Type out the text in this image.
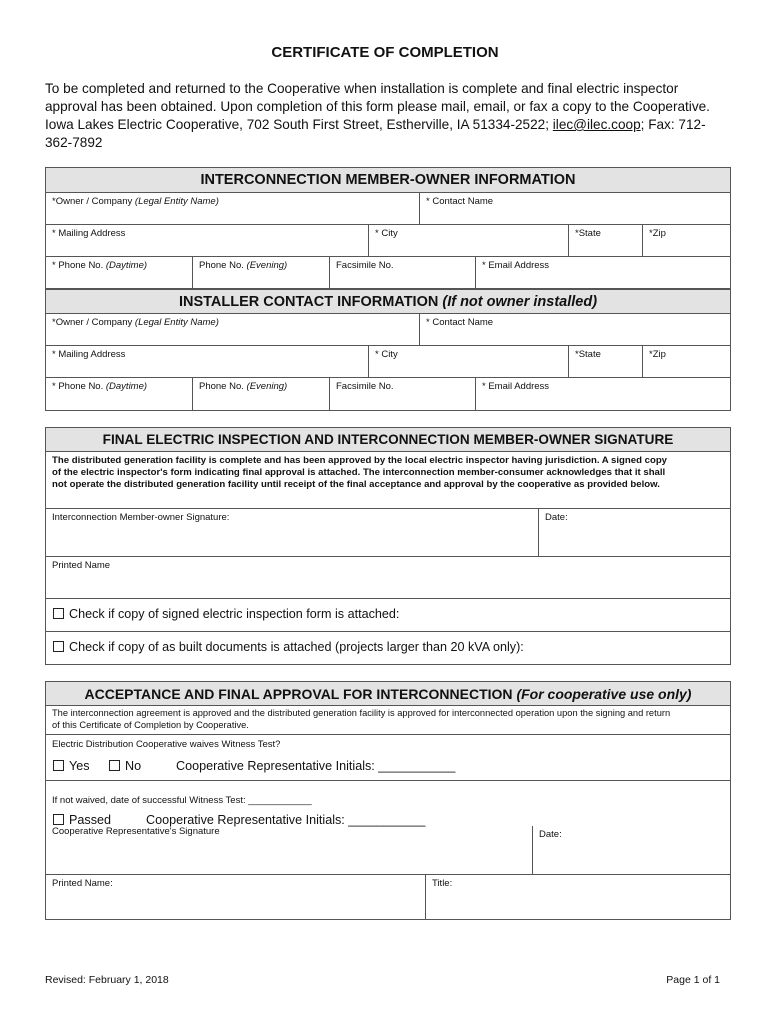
CERTIFICATE OF COMPLETION
To be completed and returned to the Cooperative when installation is complete and final electric inspector
approval has been obtained. Upon completion of this form please mail, email, or fax a copy to the Cooperative.
Iowa Lakes Electric Cooperative, 702 South First Street, Estherville, IA 51334-2522; ilec@ilec.coop; Fax: 712-
362-7892
INTERCONNECTION MEMBER-OWNER INFORMATION
*Owner / Company (Legal Entity Name)	* Contact Name
* Mailing Address	* City	*State	*Zip
* Phone No. (Daytime)	Phone No. (Evening)	Facsimile No.	* Email Address
INSTALLER CONTACT INFORMATION (If not owner installed)
*Owner / Company (Legal Entity Name)	* Contact Name
* Mailing Address	* City	*State	*Zip
* Phone No. (Daytime)	Phone No. (Evening)	Facsimile No.	* Email Address
FINAL ELECTRIC INSPECTION AND INTERCONNECTION MEMBER-OWNER SIGNATURE
The distributed generation facility is complete and has been approved by the local electric inspector having jurisdiction. A signed copy
of the electric inspector's form indicating final approval is attached. The interconnection member-consumer acknowledges that it shall
not operate the distributed generation facility until receipt of the final acceptance and approval by the cooperative as provided below.
Interconnection Member-owner Signature:	Date:
Printed Name
Check if copy of signed electric inspection form is attached:
Check if copy of as built documents is attached (projects larger than 20 kVA only):
ACCEPTANCE AND FINAL APPROVAL FOR INTERCONNECTION (For cooperative use only)
The interconnection agreement is approved and the distributed generation facility is approved for interconnected operation upon the signing and return
of this Certificate of Completion by Cooperative.
Electric Distribution Cooperative waives Witness Test?
Yes	No	Cooperative Representative Initials: ___________
If not waived, date of successful Witness Test: ____________
Passed	Cooperative Representative Initials: ___________
Cooperative Representative's Signature	Date:
Printed Name:	Title:
Revised: February 1, 2018	Page 1 of 1
